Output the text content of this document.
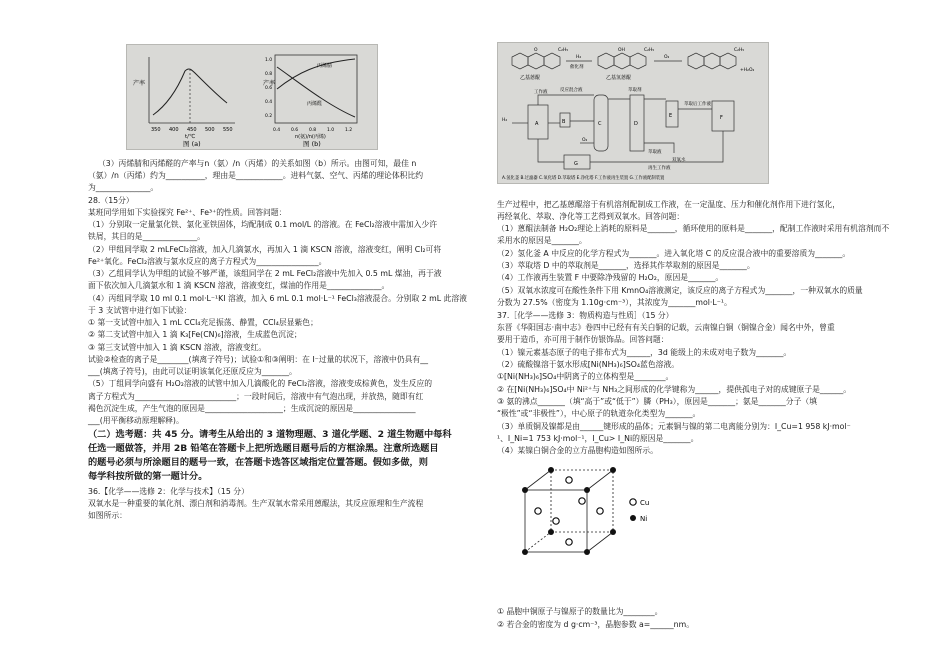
产率
350 400 450 500 550
t/℃
图 (a)
产率
1.0
0.8
0.6
0.4
0.2
丙烯腈
丙烯醛
0.4 0.6 0.8 1.0 1.2
n(氨)/n(丙烯)
图 (b)
（3）丙烯腈和丙烯醛的产率与n（氨）/n（丙烯）的关系如图（b）所示。由图可知，最佳 n
（氨）/n（丙烯）约为__________，理由是____________。进料气氨、空气、丙烯的理论体积比约
为______________。
28.（15分）
某班同学用如下实验探究 Fe²⁺、Fe³⁺的性质。回答问题：
（1）分别取一定量氯化铁、氯化亚铁固体，均配制成 0.1 mol/L 的溶液。在 FeCl₂溶液中需加入少许
铁屑，其目的是______________。
（2）甲组同学取 2 mLFeCl₂溶液，加入几滴氯水，再加入 1 滴 KSCN 溶液，溶液变红，阐明 Cl₂可将
Fe²⁺氧化。FeCl₂溶液与氯水反应的离子方程式为________________。
（3）乙组同学认为甲组的试验不够严谨，该组同学在 2 mL FeCl₂溶液中先加入 0.5 mL 煤油，再于液
面下依次加入几滴氯水和 1 滴 KSCN 溶液，溶液变红，煤油的作用是______________。
（4）丙组同学取 10 ml 0.1 mol·L⁻¹KI 溶液，加入 6 mL 0.1 mol·L⁻¹ FeCl₃溶液混合。分别取 2 mL 此溶液
于 3 支试管中进行如下试验：
① 第一支试管中加入 1 mL CCl₄充足振荡、静置，CCl₄层显紫色；
② 第二支试管中加入 1 滴 K₃[Fe(CN)₆]溶液，生成蓝色沉淀；
③ 第三支试管中加入 1 滴 KSCN 溶液，溶液变红。
试验②检查的离子是________(填离子符号)；试验①和③阐明：在 I⁻过量的状况下，溶液中仍具有__
___(填离子符号)，由此可以证明该氧化还原反应为_______。
（5）丁组同学向盛有 H₂O₂溶液的试管中加入几滴酸化的 FeCl₂溶液，溶液变成棕黄色，发生反应的
离子方程式为__________________________；一段时间后，溶液中有气泡出现，并放热，随即有红
褐色沉淀生成，产生气泡的原因是____________________；生成沉淀的原因是________________
___(用平衡移动原理解释)。
（二）选考题：共 45 分。请考生从给出的 3 道物理题、3 道化学题、2 道生物题中每科
任选一题做答，并用 2B 铅笔在答题卡上把所选题目题号后的方框涂黑。注意所选题目
的题号必须与所涂题目的题号一致，在答题卡选答区域指定位置答题。假如多做，则
每学科按所做的第一题计分。
36.【化学——选修 2：化学与技术】（15 分）
双氧水是一种重要的氧化剂、漂白剂和消毒剂。生产双氧水常采用蒽醌法，其反应原理和生产流程
如图所示：
O	C₂H₅	OH	C₂H₅	C₂H₅
H₂
催化剂
O₂
+H₂O₂
乙基蒽醌	乙基氢蒽醌
工作液	反应混合液	萃取剂
萃取后工作液
再生工作液
H₂
O₂
A	B	C	D
E	F
G
萃取液
双氧水
A.氢化釜 B.过滤器 C.氧化塔 D.萃取塔 E.净化塔 F.工作液再生装置 G.工作液配制装置
生产过程中，把乙基蒽醌溶于有机溶剂配制成工作液，在一定温度、压力和催化剂作用下进行氢化，
再经氧化、萃取、净化等工艺得到双氧水。回答问题：
（1）蒽醌法制备 H₂O₂理论上消耗的原料是_______，循环使用的原料是_______，配制工作液时采用有机溶剂而不
采用水的原因是_______。
（2）氢化釜 A 中反应的化学方程式为_______。进入氧化塔 C 的反应混合液中的重要溶质为_______。
（3）萃取塔 D 中的萃取剂是_______，选择其作萃取剂的原因是_______。
（4）工作液再生装置 F 中要除净残留的 H₂O₂，原因是_______。
（5）双氧水浓度可在酸性条件下用 KmnO₄溶液测定，该反应的离子方程式为_______，一种双氧水的质量
分数为 27.5%（密度为 1.10g·cm⁻³），其浓度为_______mol·L⁻¹。
37.［化学——选修 3：物质构造与性质］（15 分）
东晋《华阳国志·南中志》卷四中已经有有关白铜的记载，云南镍白铜（铜镍合金）闻名中外，曾重
要用于造币，亦可用于制作仿银饰品。回答问题：
（1）镍元素基态原子的电子排布式为______，3d 能级上的未成对电子数为_______。
（2）硫酸镍溶于氨水形成[Ni(NH₃)₆]SO₄蓝色溶液。
①[Ni(NH₃)₆]SO₄中阴离子的立体构型是________。
② 在[Ni(NH₃)₆]SO₄中 Ni²⁺与 NH₃之间形成的化学键称为______，提供孤电子对的成键原子是______。
③ 氨的沸点_______（填“高于”或“低于”）膦（PH₃），原因是_______；氨是_______分子（填
“极性”或“非极性”），中心原子的轨道杂化类型为_______。
（3）单质铜及镍都是由______键形成的晶体；元素铜与镍的第二电离能分别为：I_Cu=1 958 kJ·mol⁻
¹、I_Ni=1 753 kJ·mol⁻¹，I_Cu> I_Ni的原因是_______。
（4）某镍白铜合金的立方晶胞构造如图所示。
Cu
Ni
① 晶胞中铜原子与镍原子的数量比为________。
② 若合金的密度为 d g·cm⁻³，晶胞参数 a=______nm。
